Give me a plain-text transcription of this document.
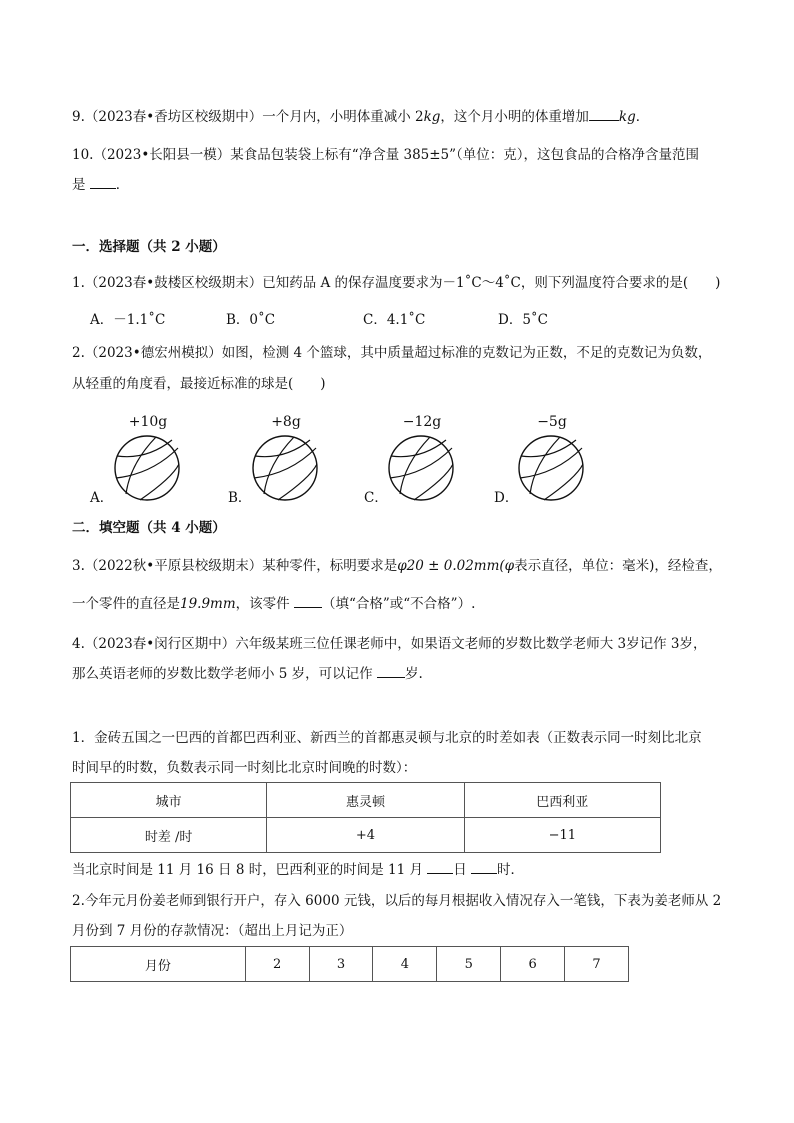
9.（2023春•香坊区校级期中）一个月内，小明体重减小 2kg，这个月小明的体重增加 kg．
10.（2023•长阳县一模）某食品包装袋上标有“净含量 385±5”（单位：克），这包食品的合格净含量范围
是 ．
一．选择题（共 2 小题）
1.（2023春•鼓楼区校级期末）已知药品 A 的保存温度要求为－1˚C～4˚C，则下列温度符合要求的是(　　)
A．－1.1˚C	B．0˚C	C．4.1˚C	D．5˚C
2.（2023•德宏州模拟）如图，检测 4 个篮球，其中质量超过标准的克数记为正数，不足的克数记为负数，
从轻重的角度看，最接近标准的球是(　　)
+10g
A．
+8g
B．
−12g
C．
−5g
D．
二．填空题（共 4 小题）
3.（2022秋•平原县校级期末）某种零件，标明要求是φ20 ± 0.02mm(φ表示直径，单位：毫米)，经检查，
一个零件的直径是19.9mm，该零件 （填“合格”或“不合格”）.
4.（2023春•闵行区期中）六年级某班三位任课老师中，如果语文老师的岁数比数学老师大 3岁记作 3岁，
那么英语老师的岁数比数学老师小 5 岁，可以记作 岁.
1．金砖五国之一巴西的首都巴西利亚、新西兰的首都惠灵顿与北京的时差如表（正数表示同一时刻比北京
时间早的时数，负数表示同一时刻比北京时间晚的时数）：
城市	惠灵顿	巴西利亚
时差 /时	+4	−11
当北京时间是 11 月 16 日 8 时，巴西利亚的时间是 11 月 日 时．
2.今年元月份姜老师到银行开户，存入 6000 元钱，以后的每月根据收入情况存入一笔钱，下表为姜老师从 2
月份到 7 月份的存款情况：（超出上月记为正）
月份	2	3	4	5	6	7
